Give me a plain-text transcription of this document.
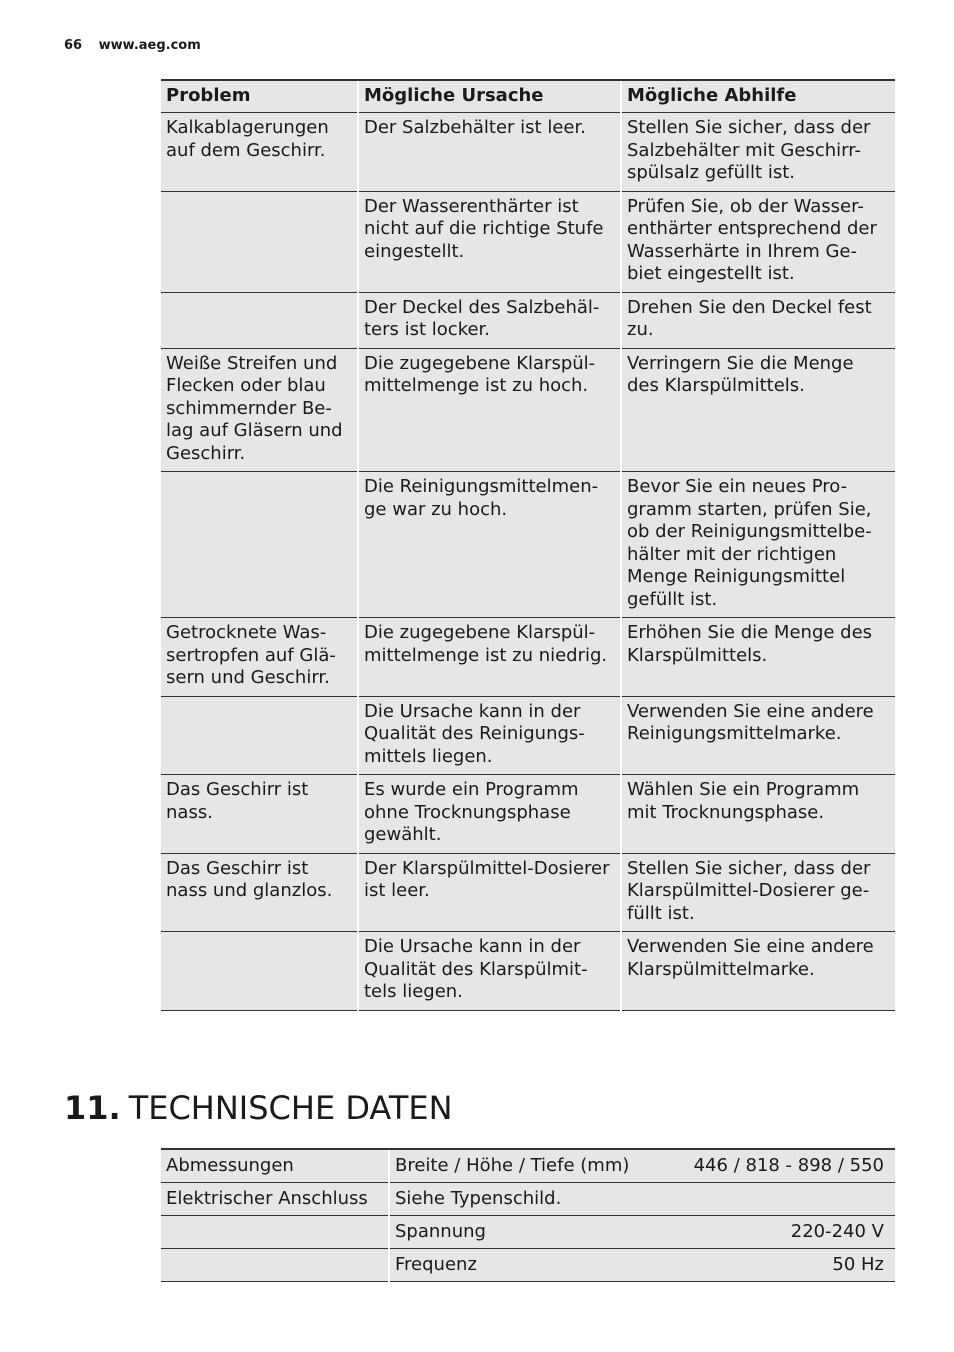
66 www.aeg.com
Problem	Mögliche Ursache	Mögliche Abhilfe
Kalkablagerungen auf dem Geschirr.	Der Salzbehälter ist leer.	Stellen Sie sicher, dass der Salzbehälter mit Geschirr-spülsalz gefüllt ist.
	Der Wasserenthärter ist nicht auf die richtige Stufe eingestellt.	Prüfen Sie, ob der Wasser-enthärter entsprechend der Wasserhärte in Ihrem Ge-biet eingestellt ist.
	Der Deckel des Salzbehäl-ters ist locker.	Drehen Sie den Deckel fest zu.
Weiße Streifen und Flecken oder blau schimmernder Be-lag auf Gläsern und Geschirr.	Die zugegebene Klarspül-mittelmenge ist zu hoch.	Verringern Sie die Menge des Klarspülmittels.
	Die Reinigungsmittelmen-ge war zu hoch.	Bevor Sie ein neues Pro-gramm starten, prüfen Sie, ob der Reinigungsmittelbe-hälter mit der richtigen Menge Reinigungsmittel gefüllt ist.
Getrocknete Was-sertropfen auf Glä-sern und Geschirr.	Die zugegebene Klarspül-mittelmenge ist zu niedrig.	Erhöhen Sie die Menge des Klarspülmittels.
	Die Ursache kann in der Qualität des Reinigungs-mittels liegen.	Verwenden Sie eine andere Reinigungsmittelmarke.
Das Geschirr ist nass.	Es wurde ein Programm ohne Trocknungsphase gewählt.	Wählen Sie ein Programm mit Trocknungsphase.
Das Geschirr ist nass und glanzlos.	Der Klarspülmittel-Dosierer ist leer.	Stellen Sie sicher, dass der Klarspülmittel-Dosierer ge-füllt ist.
	Die Ursache kann in der Qualität des Klarspülmit-tels liegen.	Verwenden Sie eine andere Klarspülmittelmarke.
11. TECHNISCHE DATEN
Abmessungen	Breite / Höhe / Tiefe (mm)	446 / 818 - 898 / 550
Elektrischer Anschluss	Siehe Typenschild.	
	Spannung	220-240 V
	Frequenz	50 Hz
